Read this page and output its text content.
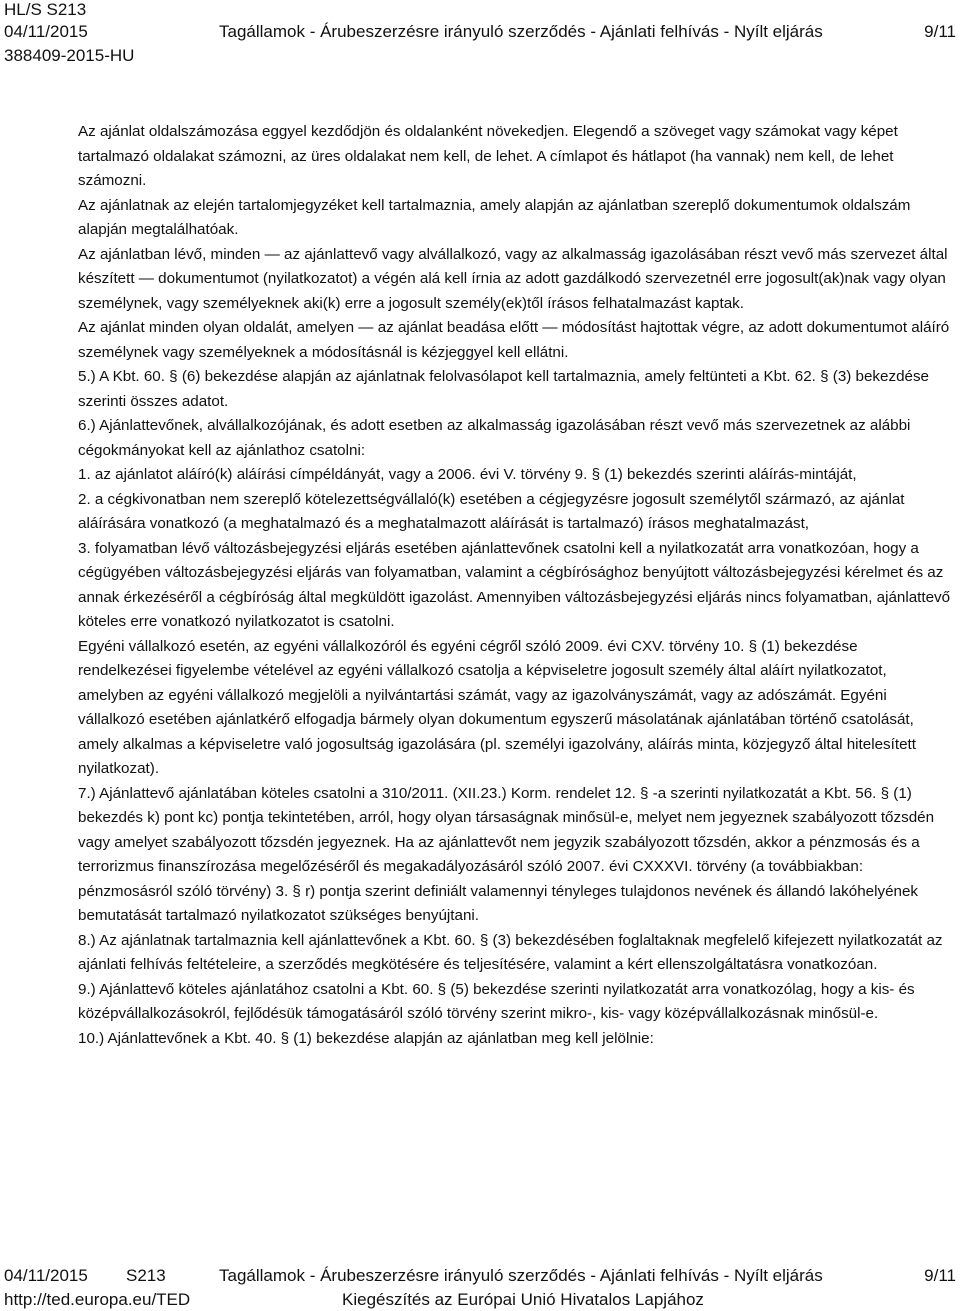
HL/S S213
04/11/2015	Tagállamok - Árubeszerzésre irányuló szerződés - Ajánlati felhívás - Nyílt eljárás	9/11
388409-2015-HU

Az ajánlat oldalszámozása eggyel kezdődjön és oldalanként növekedjen. Elegendő a szöveget vagy számokat vagy képet tartalmazó oldalakat számozni, az üres oldalakat nem kell, de lehet. A címlapot és hátlapot (ha vannak) nem kell, de lehet számozni.

Az ajánlatnak az elején tartalomjegyzéket kell tartalmaznia, amely alapján az ajánlatban szereplő dokumentumok oldalszám alapján megtalálhatóak.

Az ajánlatban lévő, minden — az ajánlattevő vagy alvállalkozó, vagy az alkalmasság igazolásában részt vevő más szervezet által készített — dokumentumot (nyilatkozatot) a végén alá kell írnia az adott gazdálkodó szervezetnél erre jogosult(ak)nak vagy olyan személynek, vagy személyeknek aki(k) erre a jogosult személy(ek)től írásos felhatalmazást kaptak.

Az ajánlat minden olyan oldalát, amelyen — az ajánlat beadása előtt — módosítást hajtottak végre, az adott dokumentumot aláíró személynek vagy személyeknek a módosításnál is kézjeggyel kell ellátni.

5.) A Kbt. 60. § (6) bekezdése alapján az ajánlatnak felolvasólapot kell tartalmaznia, amely feltünteti a Kbt. 62. § (3) bekezdése szerinti összes adatot.

6.) Ajánlattevőnek, alvállalkozójának, és adott esetben az alkalmasság igazolásában részt vevő más szervezetnek az alábbi cégokmányokat kell az ajánlathoz csatolni:

1. az ajánlatot aláíró(k) aláírási címpéldányát, vagy a 2006. évi V. törvény 9. § (1) bekezdés szerinti aláírás-mintáját,

2. a cégkivonatban nem szereplő kötelezettségvállaló(k) esetében a cégjegyzésre jogosult személytől származó, az ajánlat aláírására vonatkozó (a meghatalmazó és a meghatalmazott aláírását is tartalmazó) írásos meghatalmazást,

3. folyamatban lévő változásbejegyzési eljárás esetében ajánlattevőnek csatolni kell a nyilatkozatát arra vonatkozóan, hogy a cégügyében változásbejegyzési eljárás van folyamatban, valamint a cégbírósághoz benyújtott változásbejegyzési kérelmet és az annak érkezéséről a cégbíróság által megküldött igazolást. Amennyiben változásbejegyzési eljárás nincs folyamatban, ajánlattevő köteles erre vonatkozó nyilatkozatot is csatolni.

Egyéni vállalkozó esetén, az egyéni vállalkozóról és egyéni cégről szóló 2009. évi CXV. törvény 10. § (1) bekezdése rendelkezései figyelembe vételével az egyéni vállalkozó csatolja a képviseletre jogosult személy által aláírt nyilatkozatot, amelyben az egyéni vállalkozó megjelöli a nyilvántartási számát, vagy az igazolványszámát, vagy az adószámát. Egyéni vállalkozó esetében ajánlatkérő elfogadja bármely olyan dokumentum egyszerű másolatának ajánlatában történő csatolását, amely alkalmas a képviseletre való jogosultság igazolására (pl. személyi igazolvány, aláírás minta, közjegyző által hitelesített nyilatkozat).

7.) Ajánlattevő ajánlatában köteles csatolni a 310/2011. (XII.23.) Korm. rendelet 12. § -a szerinti nyilatkozatát a Kbt. 56. § (1) bekezdés k) pont kc) pontja tekintetében, arról, hogy olyan társaságnak minősül-e, melyet nem jegyeznek szabályozott tőzsdén vagy amelyet szabályozott tőzsdén jegyeznek. Ha az ajánlattevőt nem jegyzik szabályozott tőzsdén, akkor a pénzmosás és a terrorizmus finanszírozása megelőzéséről és megakadályozásáról szóló 2007. évi CXXXVI. törvény (a továbbiakban: pénzmosásról szóló törvény) 3. § r) pontja szerint definiált valamennyi tényleges tulajdonos nevének és állandó lakóhelyének bemutatását tartalmazó nyilatkozatot szükséges benyújtani.

8.) Az ajánlatnak tartalmaznia kell ajánlattevőnek a Kbt. 60. § (3) bekezdésében foglaltaknak megfelelő kifejezett nyilatkozatát az ajánlati felhívás feltételeire, a szerződés megkötésére és teljesítésére, valamint a kért ellenszolgáltatásra vonatkozóan.

9.) Ajánlattevő köteles ajánlatához csatolni a Kbt. 60. § (5) bekezdése szerinti nyilatkozatát arra vonatkozólag, hogy a kis- és középvállalkozásokról, fejlődésük támogatásáról szóló törvény szerint mikro-, kis- vagy középvállalkozásnak minősül-e.

10.) Ajánlattevőnek a Kbt. 40. § (1) bekezdése alapján az ajánlatban meg kell jelölnie:

04/11/2015 S213	Tagállamok - Árubeszerzésre irányuló szerződés - Ajánlati felhívás - Nyílt eljárás	9/11
http://ted.europa.eu/TED	Kiegészítés az Európai Unió Hivatalos Lapjához
